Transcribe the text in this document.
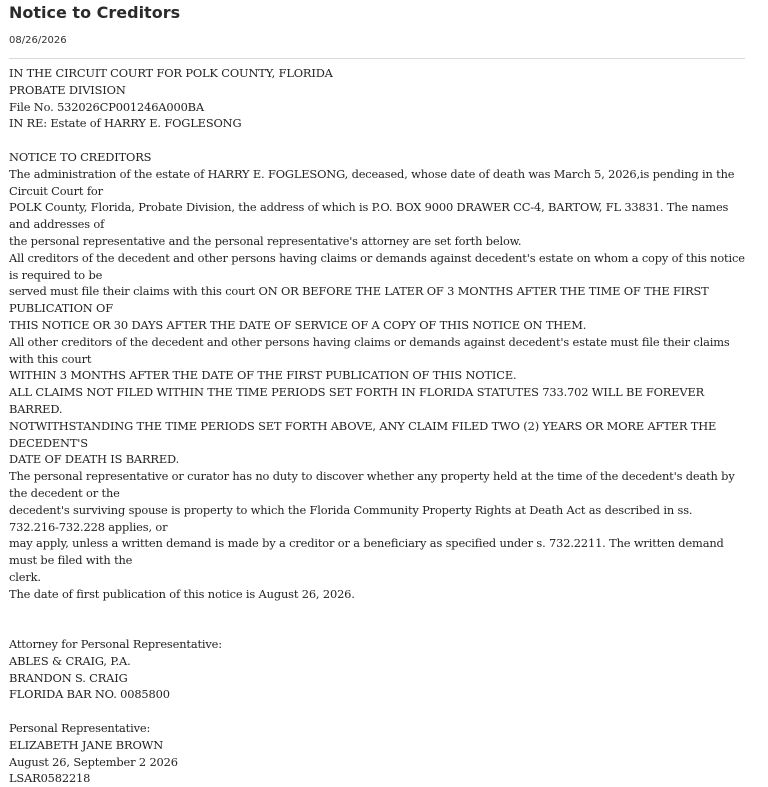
Notice to Creditors
08/26/2026
IN THE CIRCUIT COURT FOR POLK COUNTY, FLORIDA
PROBATE DIVISION
File No. 532026CP001246A000BA
IN RE: Estate of HARRY E. FOGLESONG
NOTICE TO CREDITORS
The administration of the estate of HARRY E. FOGLESONG, deceased, whose date of death was March 5, 2026,is pending in the Circuit Court for
POLK County, Florida, Probate Division, the address of which is P.O. BOX 9000 DRAWER CC-4, BARTOW, FL 33831. The names and addresses of
the personal representative and the personal representative's attorney are set forth below.
All creditors of the decedent and other persons having claims or demands against decedent's estate on whom a copy of this notice is required to be
served must file their claims with this court ON OR BEFORE THE LATER OF 3 MONTHS AFTER THE TIME OF THE FIRST PUBLICATION OF
THIS NOTICE OR 30 DAYS AFTER THE DATE OF SERVICE OF A COPY OF THIS NOTICE ON THEM.
All other creditors of the decedent and other persons having claims or demands against decedent's estate must file their claims with this court
WITHIN 3 MONTHS AFTER THE DATE OF THE FIRST PUBLICATION OF THIS NOTICE.
ALL CLAIMS NOT FILED WITHIN THE TIME PERIODS SET FORTH IN FLORIDA STATUTES 733.702 WILL BE FOREVER BARRED.
NOTWITHSTANDING THE TIME PERIODS SET FORTH ABOVE, ANY CLAIM FILED TWO (2) YEARS OR MORE AFTER THE DECEDENT'S
DATE OF DEATH IS BARRED.
The personal representative or curator has no duty to discover whether any property held at the time of the decedent's death by the decedent or the
decedent's surviving spouse is property to which the Florida Community Property Rights at Death Act as described in ss. 732.216-732.228 applies, or
may apply, unless a written demand is made by a creditor or a beneficiary as specified under s. 732.2211. The written demand must be filed with the
clerk.
The date of first publication of this notice is August 26, 2026.
Attorney for Personal Representative:
ABLES & CRAIG, P.A.
BRANDON S. CRAIG
FLORIDA BAR NO. 0085800
Personal Representative:
ELIZABETH JANE BROWN
August 26, September 2 2026
LSAR0582218
